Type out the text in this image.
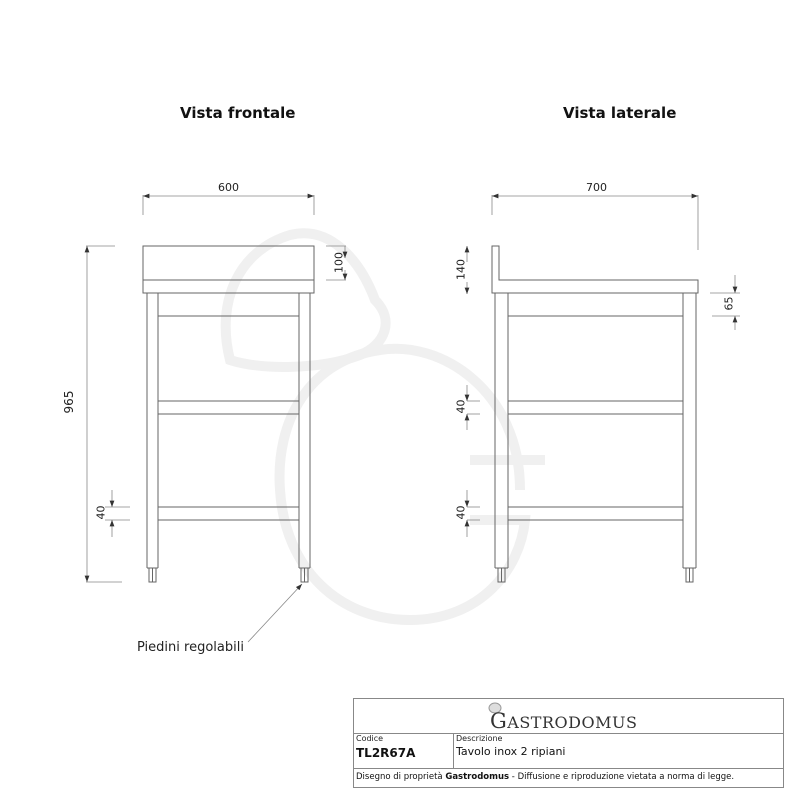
Vista frontale	Vista laterale
600
965
100
40
700
140
65
40
40
Piedini regolabili
GASTRODOMUS
Codice
TL2R67A
Descrizione
Tavolo inox 2 ripiani
Disegno di proprietà Gastrodomus - Diffusione e riproduzione vietata a norma di legge.
